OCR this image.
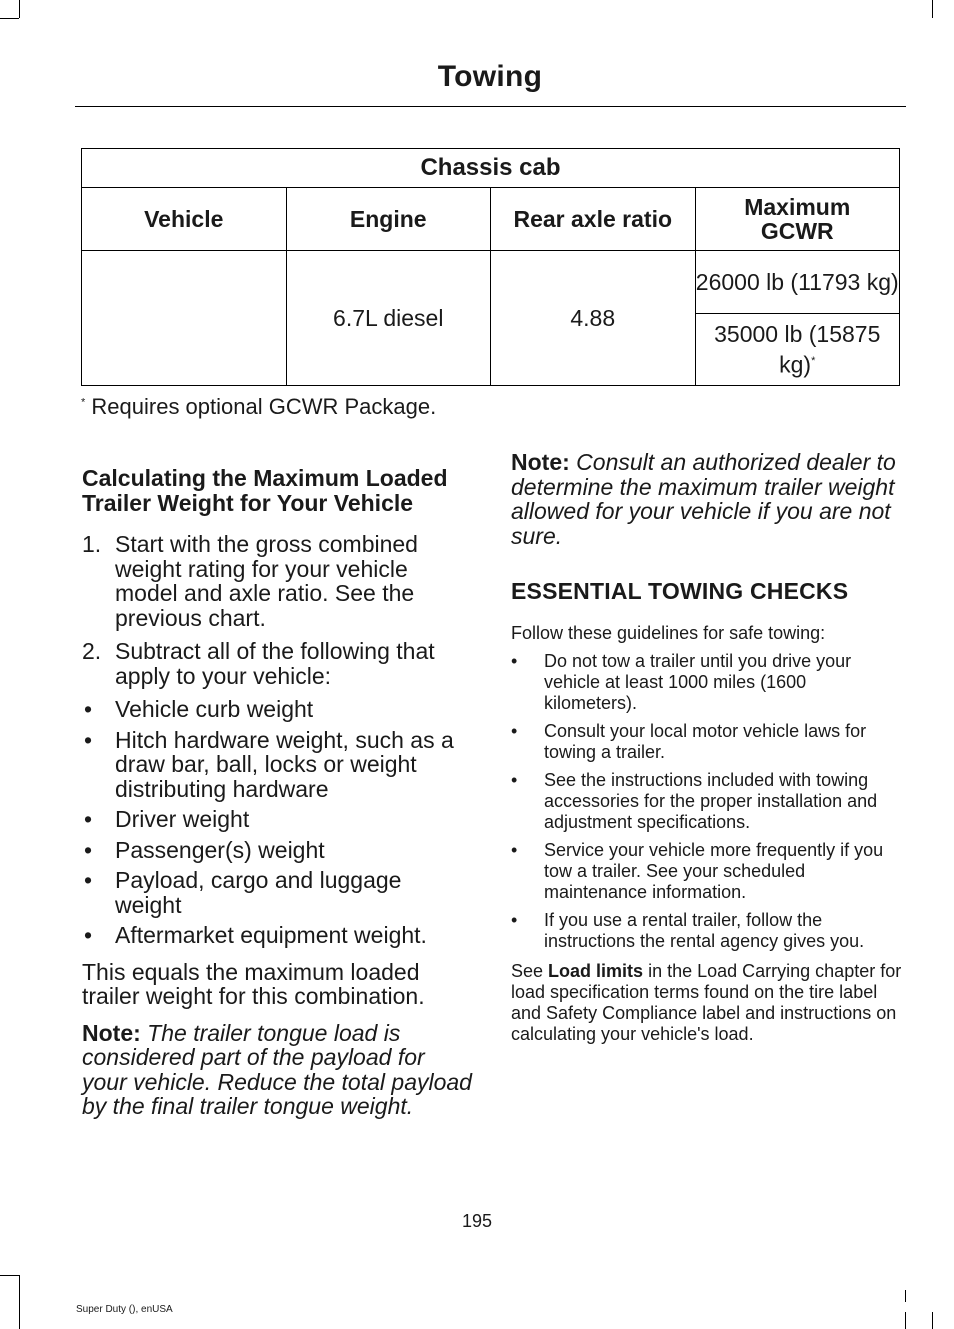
Towing
Chassis cab			
Vehicle	Engine	Rear axle ratio	Maximum GCWR
	6.7L diesel	4.88	26000 lb (11793 kg)
			35000 lb (15875 kg)*
* Requires optional GCWR Package.
Calculating the Maximum Loaded Trailer Weight for Your Vehicle
1. Start with the gross combined weight rating for your vehicle model and axle ratio. See the previous chart.
2. Subtract all of the following that apply to your vehicle:
• Vehicle curb weight
• Hitch hardware weight, such as a draw bar, ball, locks or weight distributing hardware
• Driver weight
• Passenger(s) weight
• Payload, cargo and luggage weight
• Aftermarket equipment weight.

This equals the maximum loaded trailer weight for this combination.

Note: The trailer tongue load is considered part of the payload for your vehicle. Reduce the total payload by the final trailer tongue weight.

Note: Consult an authorized dealer to determine the maximum trailer weight allowed for your vehicle if you are not sure.

ESSENTIAL TOWING CHECKS

Follow these guidelines for safe towing:

• Do not tow a trailer until you drive your vehicle at least 1000 miles (1600 kilometers).
• Consult your local motor vehicle laws for towing a trailer.
• See the instructions included with towing accessories for the proper installation and adjustment specifications.
• Service your vehicle more frequently if you tow a trailer. See your scheduled maintenance information.
• If you use a rental trailer, follow the instructions the rental agency gives you.

See Load limits in the Load Carrying chapter for load specification terms found on the tire label and Safety Compliance label and instructions on calculating your vehicle's load.

195
Super Duty (), enUSA
